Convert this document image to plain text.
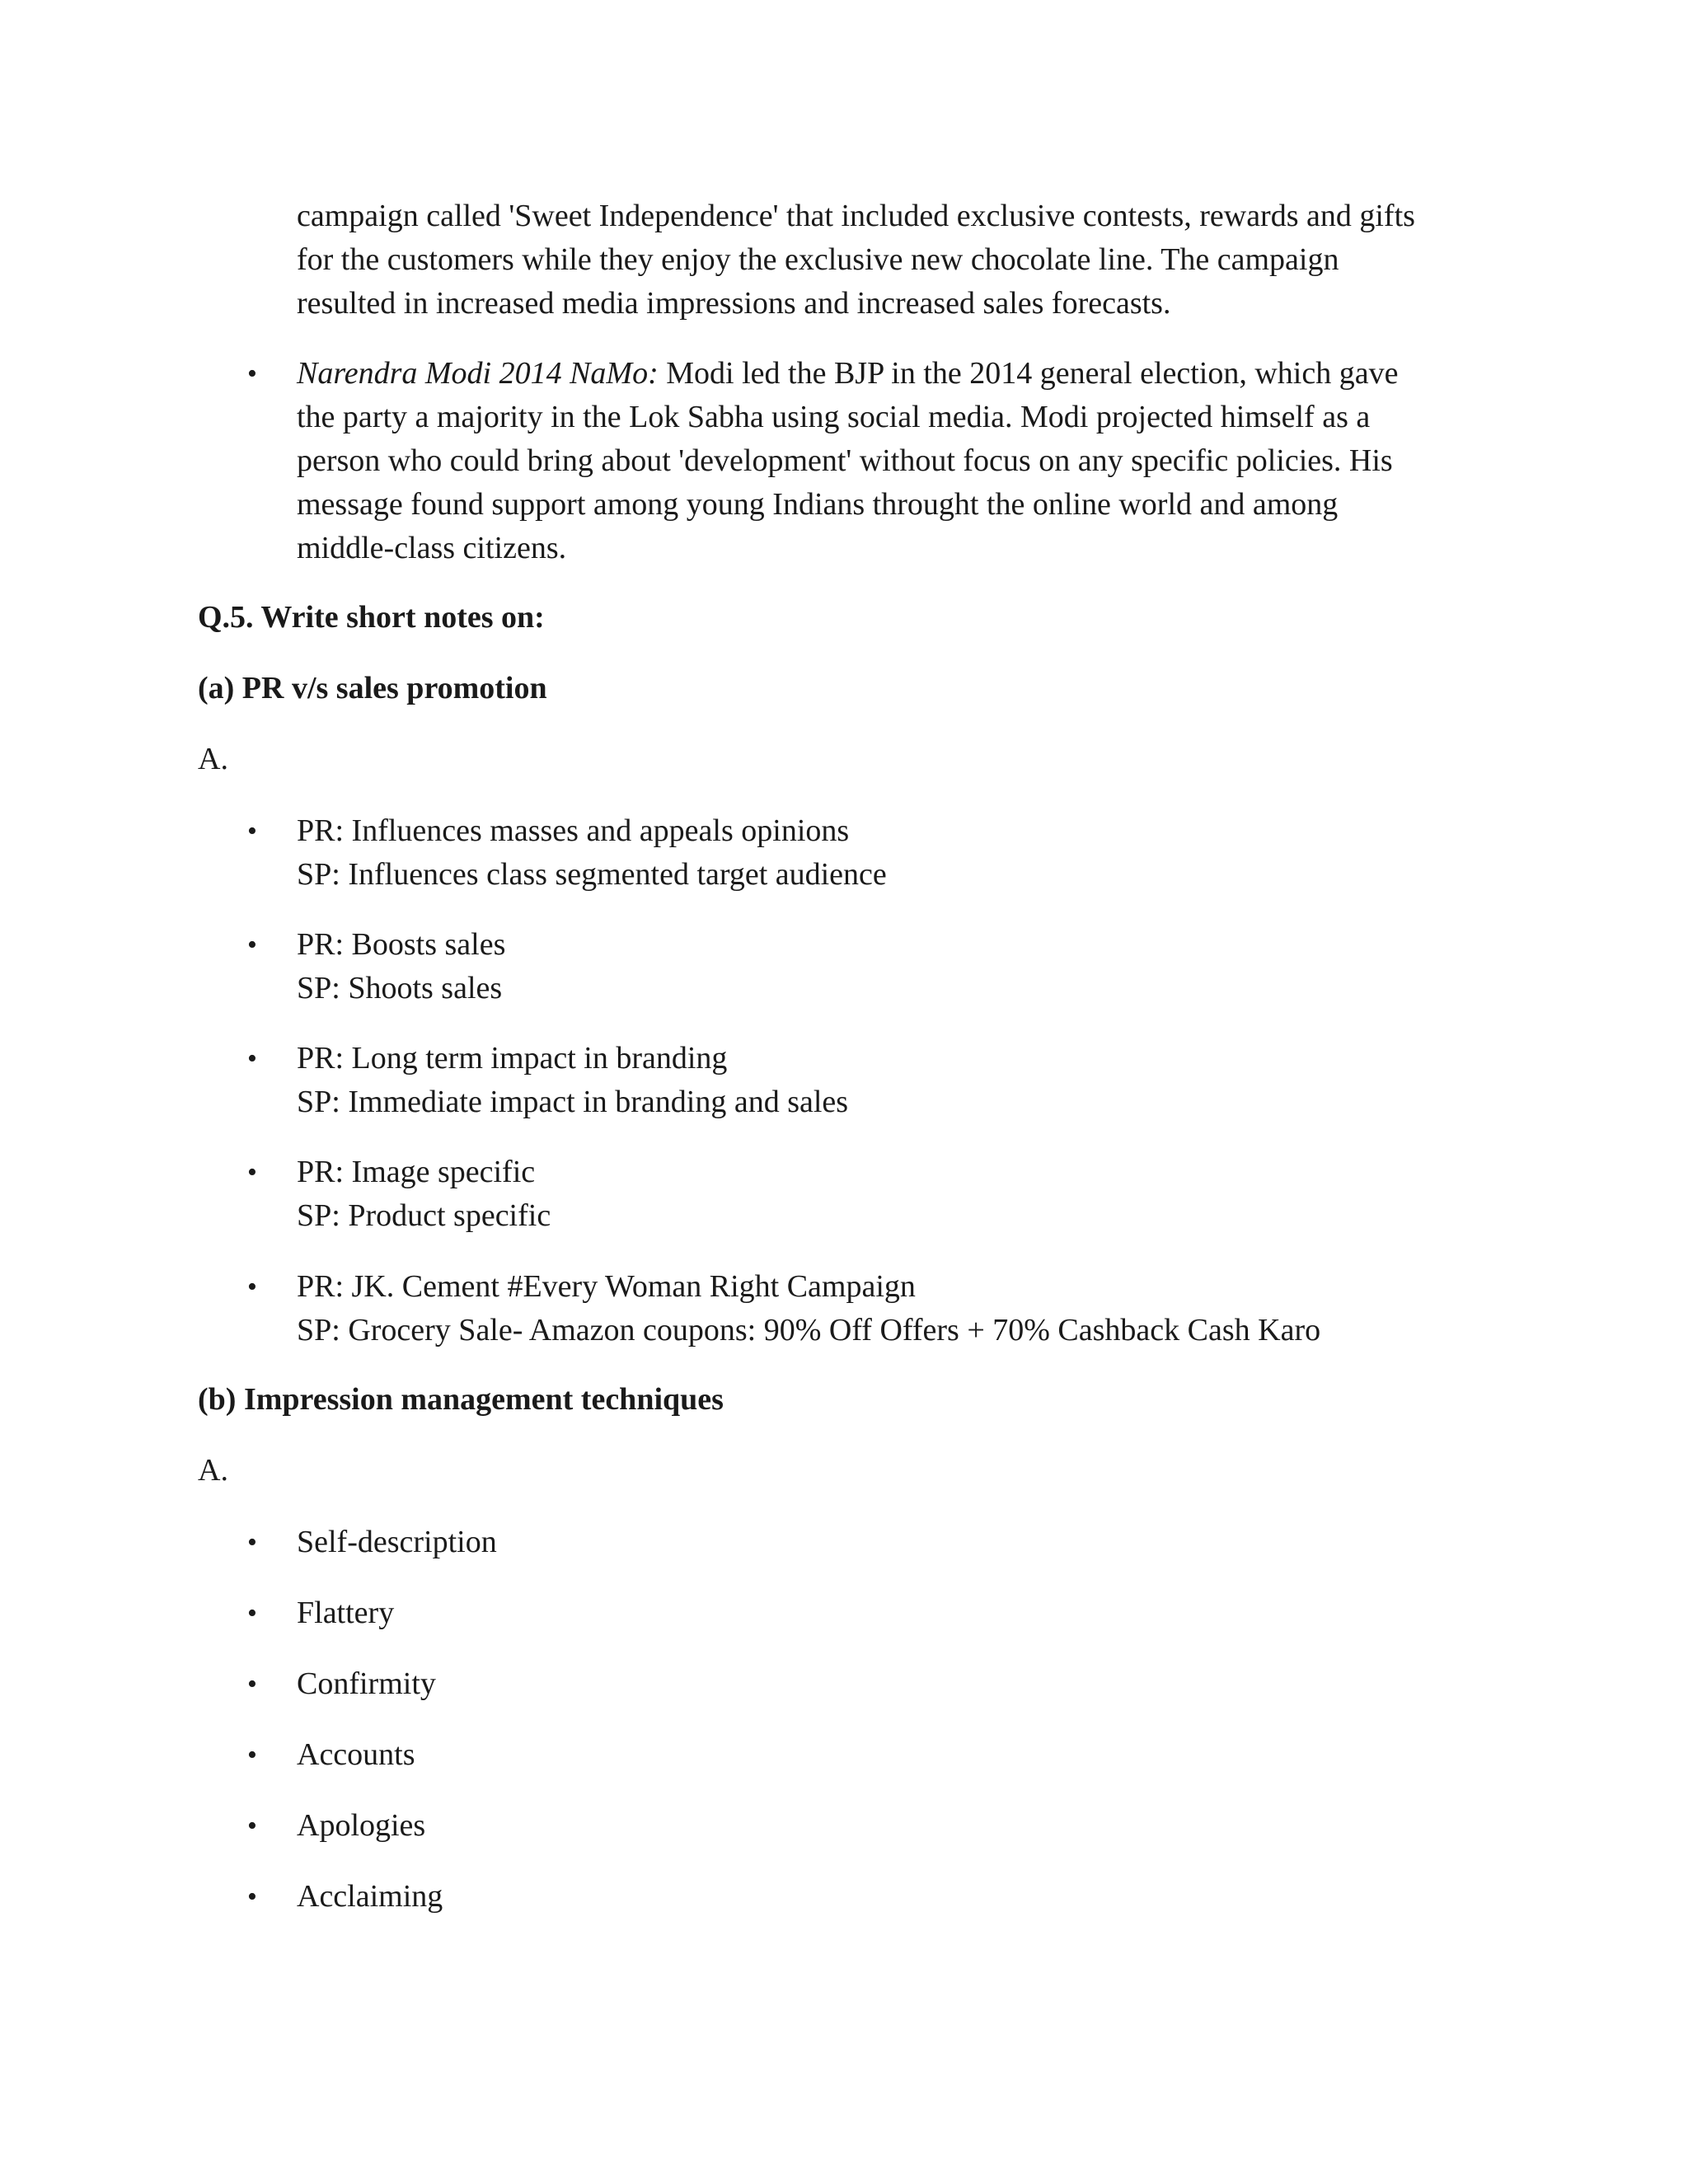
campaign called 'Sweet Independence' that included exclusive contests, rewards and gifts
for the customers while they enjoy the exclusive new chocolate line. The campaign
resulted in increased media impressions and increased sales forecasts.

•	Narendra Modi 2014 NaMo: Modi led the BJP in the 2014 general election, which gave
the party a majority in the Lok Sabha using social media. Modi projected himself as a
person who could bring about 'development' without focus on any specific policies. His
message found support among young Indians throught the online world and among
middle-class citizens.

Q.5. Write short notes on:

(a) PR v/s sales promotion

A.

•	PR: Influences masses and appeals opinions
SP: Influences class segmented target audience

•	PR: Boosts sales
SP: Shoots sales

•	PR: Long term impact in branding
SP: Immediate impact in branding and sales

•	PR: Image specific
SP: Product specific

•	PR: JK. Cement #Every Woman Right Campaign
SP: Grocery Sale- Amazon coupons: 90% Off Offers + 70% Cashback Cash Karo

(b) Impression management techniques

A.

•	Self-description

•	Flattery

•	Confirmity

•	Accounts

•	Apologies

•	Acclaiming
